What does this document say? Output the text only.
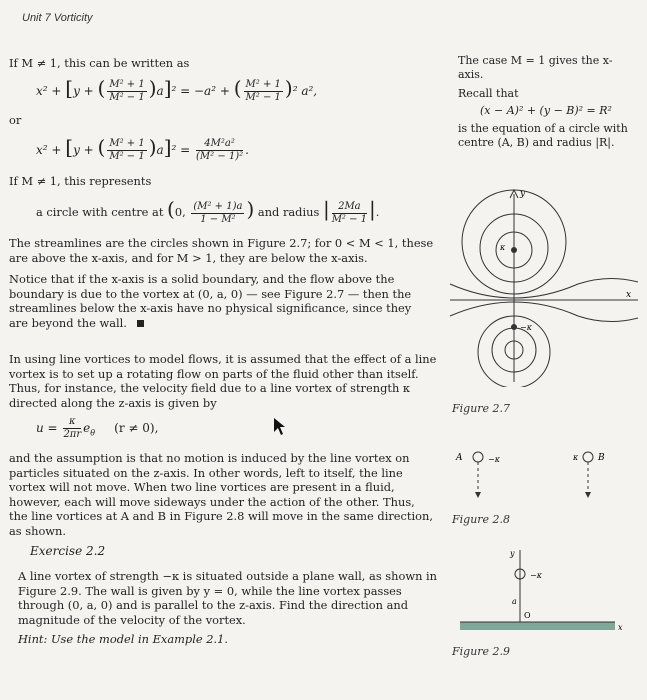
Unit 7 Vorticity
If M ≠ 1, this can be written as
x² + [y + ( $\frac{\text{M² + 1}}{\text{M² − 1}} )a]^2 = -a^2$ + ( $\frac{\text{M² + 1}}{\text{M² − 1}} )^2$ a²,
or
x² + [y + ( $\frac{\text{M² + 1}}{\text{M² − 1}} )a]^2 = \frac{\text{4M²a²}}{\text{(M² − 1)²}}$ .
If M ≠ 1, this represents
a circle with centre at (0, $\frac{\text{(M² + 1)a}}{\text{1 − M²}}$ ) and radius | $\frac{2Ma}{\text{M² − 1}}$ |.
The streamlines are the circles shown in Figure 2.7; for 0 < M < 1, these are above the x-axis, and for M > 1, they are below the x-axis.
Notice that if the x-axis is a solid boundary, and the flow above the boundary is due to the vortex at (0, a, 0) — see Figure 2.7 — then the streamlines below the x-axis have no physical significance, since they are beyond the wall.
In using line vortices to model flows, it is assumed that the effect of a line vortex is to set up a rotating flow on parts of the fluid other than itself. Thus, for instance, the velocity field due to a line vortex of strength κ directed along the z-axis is given by
$u = \frac{\kappa}{2\pi r} e_\theta$ (r ≠ 0),
and the assumption is that no motion is induced by the line vortex on particles situated on the z-axis. In other words, left to itself, the line vortex will not move. When two line vortices are present in a fluid, however, each will move sideways under the action of the other. Thus, the line vortices at A and B in Figure 2.8 will move in the same direction, as shown.
Exercise 2.2
A line vortex of strength −κ is situated outside a plane wall, as shown in Figure 2.9. The wall is given by y = 0, while the line vortex passes through (0, a, 0) and is parallel to the z-axis. Find the direction and magnitude of the velocity of the vortex.
Hint: Use the model in Example 2.1.
The case M = 1 gives the x-axis.
Recall that
(x − A)² + (y − B)² = R²
is the equation of a circle with centre (A, B) and radius |R|.
y
x
κ
−κ
Figure 2.7
A	−κ	κ B
Figure 2.8
y
−κ
a
O
x
Figure 2.9
